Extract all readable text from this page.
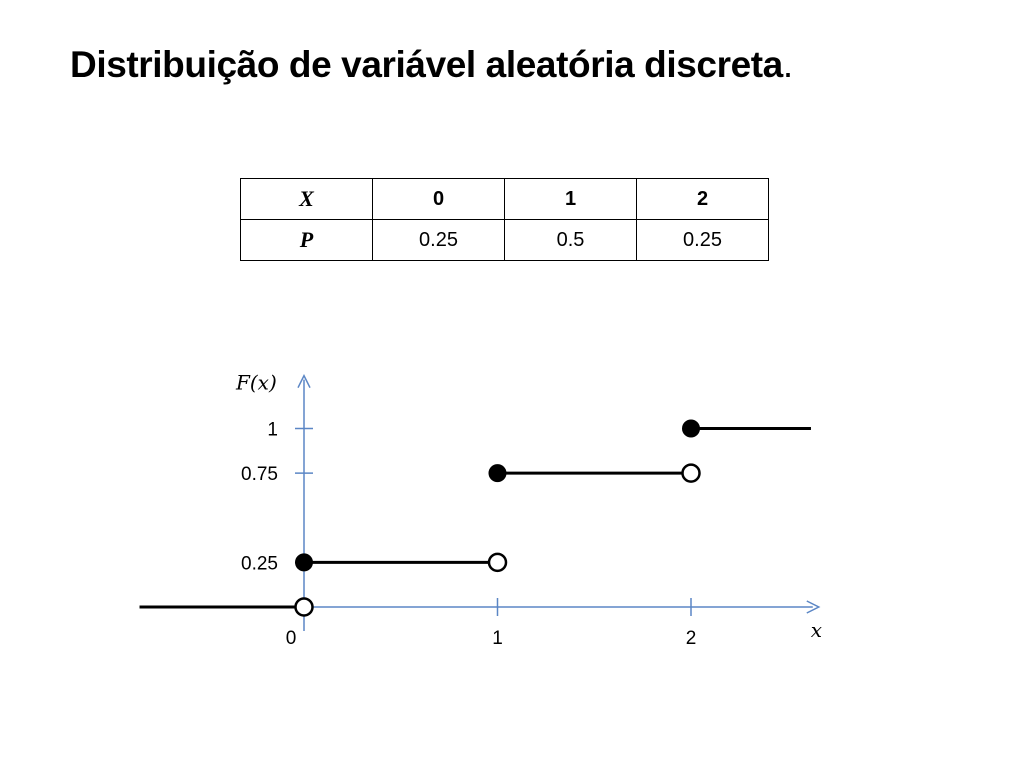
Distribuição de variável aleatória discreta.
X	0	1	2
P	0.25	0.5	0.25
0	1	2
0.25
0.75
1
F(x)
x
